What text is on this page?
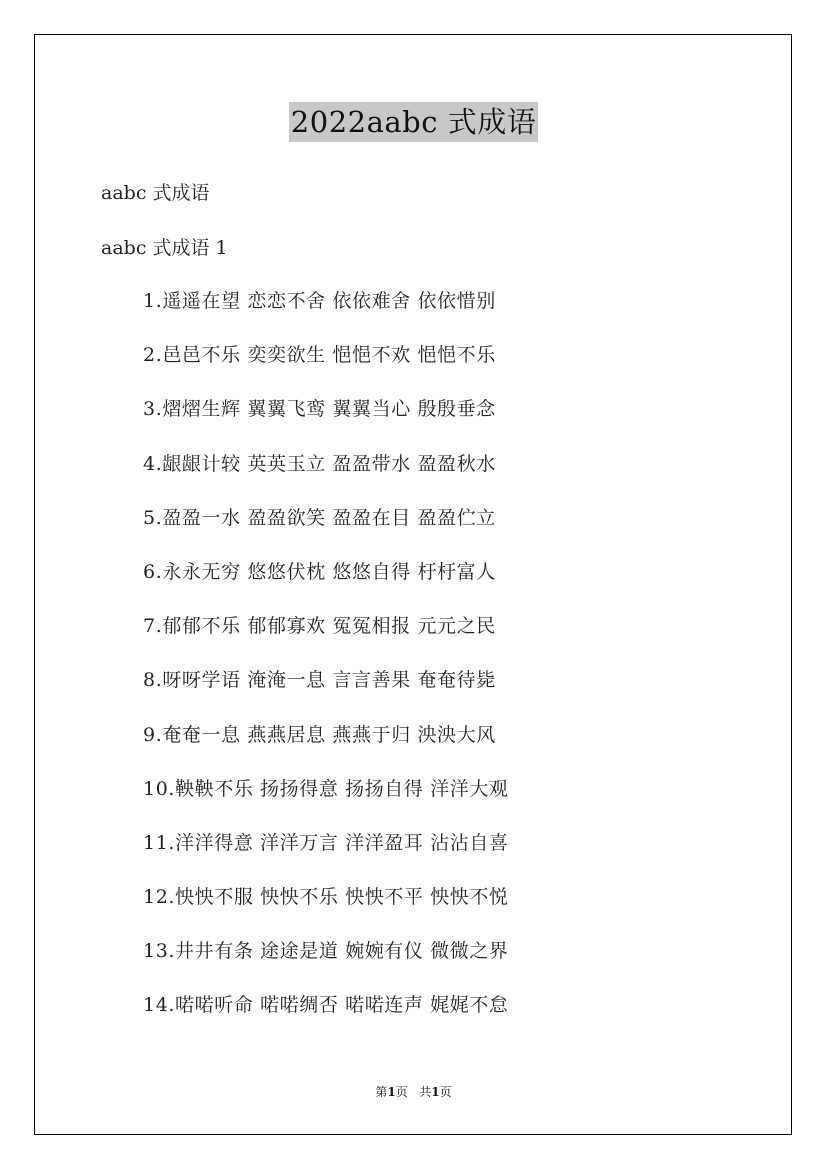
2022aabc 式成语
aabc 式成语
aabc 式成语 1
1.遥遥在望 恋恋不舍 依依难舍 依依惜别
2.邑邑不乐 奕奕欲生 悒悒不欢 悒悒不乐
3.熠熠生辉 翼翼飞鸾 翼翼当心 殷殷垂念
4.龈龈计较 英英玉立 盈盈带水 盈盈秋水
5.盈盈一水 盈盈欲笑 盈盈在目 盈盈伫立
6.永永无穷 悠悠伏枕 悠悠自得 杅杅富人
7.郁郁不乐 郁郁寡欢 冤冤相报 元元之民
8.呀呀学语 淹淹一息 言言善果 奄奄待毙
9.奄奄一息 燕燕居息 燕燕于归 泱泱大风
10.鞅鞅不乐 扬扬得意 扬扬自得 洋洋大观
11.洋洋得意 洋洋万言 洋洋盈耳 沾沾自喜
12.怏怏不服 怏怏不乐 怏怏不平 怏怏不悦
13.井井有条 途途是道 婉婉有仪 微微之界
14.喏喏听命 喏喏绸否 喏喏连声 娓娓不怠
第1页 共1页
